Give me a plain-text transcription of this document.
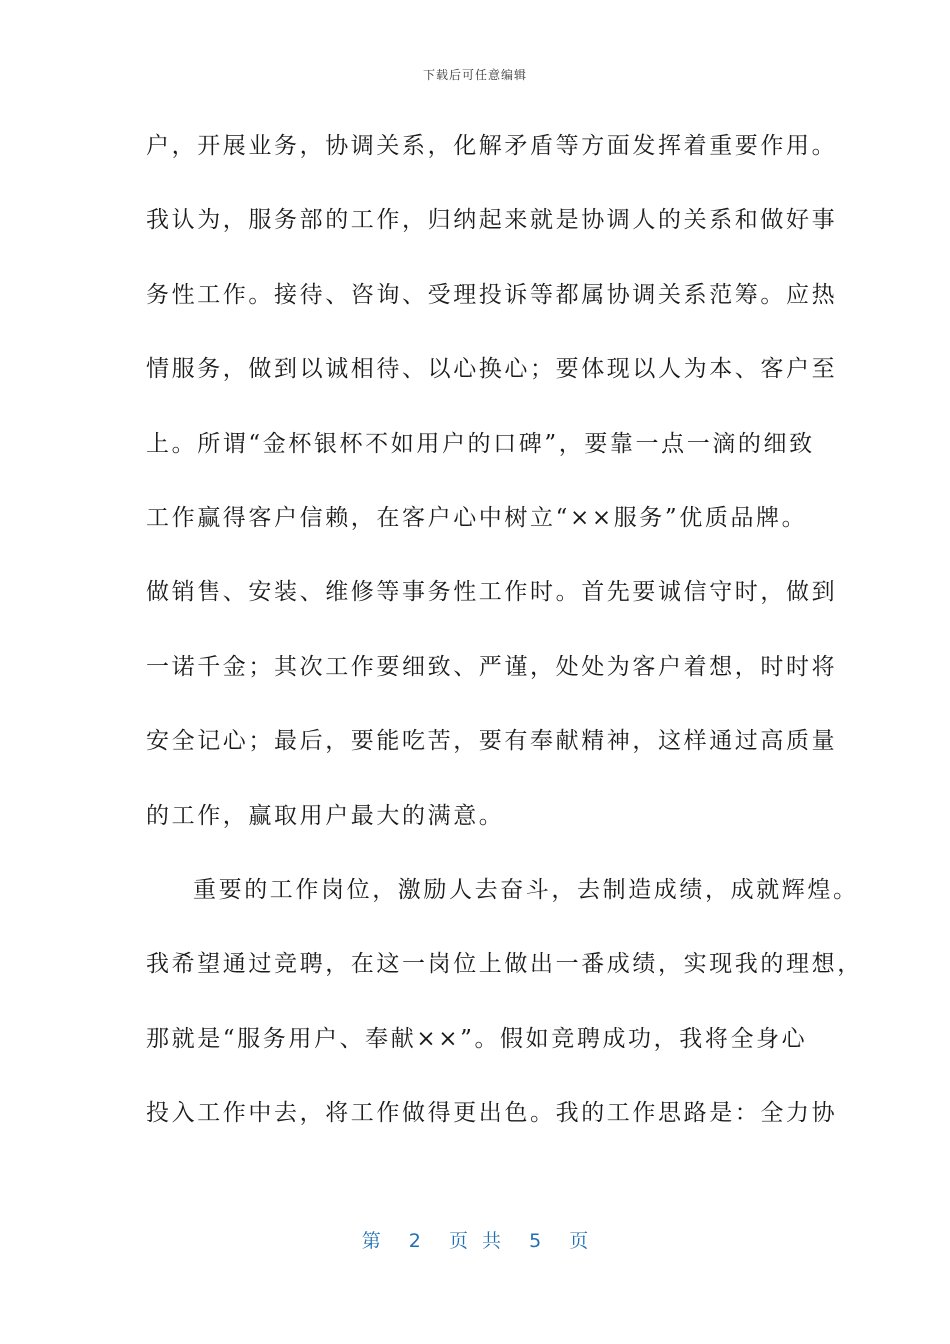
下载后可任意编辑
户，开展业务，协调关系，化解矛盾等方面发挥着重要作用。
我认为，服务部的工作，归纳起来就是协调人的关系和做好事
务性工作。接待、咨询、受理投诉等都属协调关系范筹。应热
情服务，做到以诚相待、以心换心；要体现以人为本、客户至
上。所谓“金杯银杯不如用户的口碑”，要靠一点一滴的细致
工作赢得客户信赖，在客户心中树立“××服务”优质品牌。
做销售、安装、维修等事务性工作时。首先要诚信守时，做到
一诺千金；其次工作要细致、严谨，处处为客户着想，时时将
安全记心；最后，要能吃苦，要有奉献精神，这样通过高质量
的工作，赢取用户最大的满意。
重要的工作岗位，激励人去奋斗，去制造成绩，成就辉煌。
我希望通过竞聘，在这一岗位上做出一番成绩，实现我的理想，
那就是“服务用户、奉献××”。假如竞聘成功，我将全身心
投入工作中去，将工作做得更出色。我的工作思路是：全力协
第  2  页 共  5  页
